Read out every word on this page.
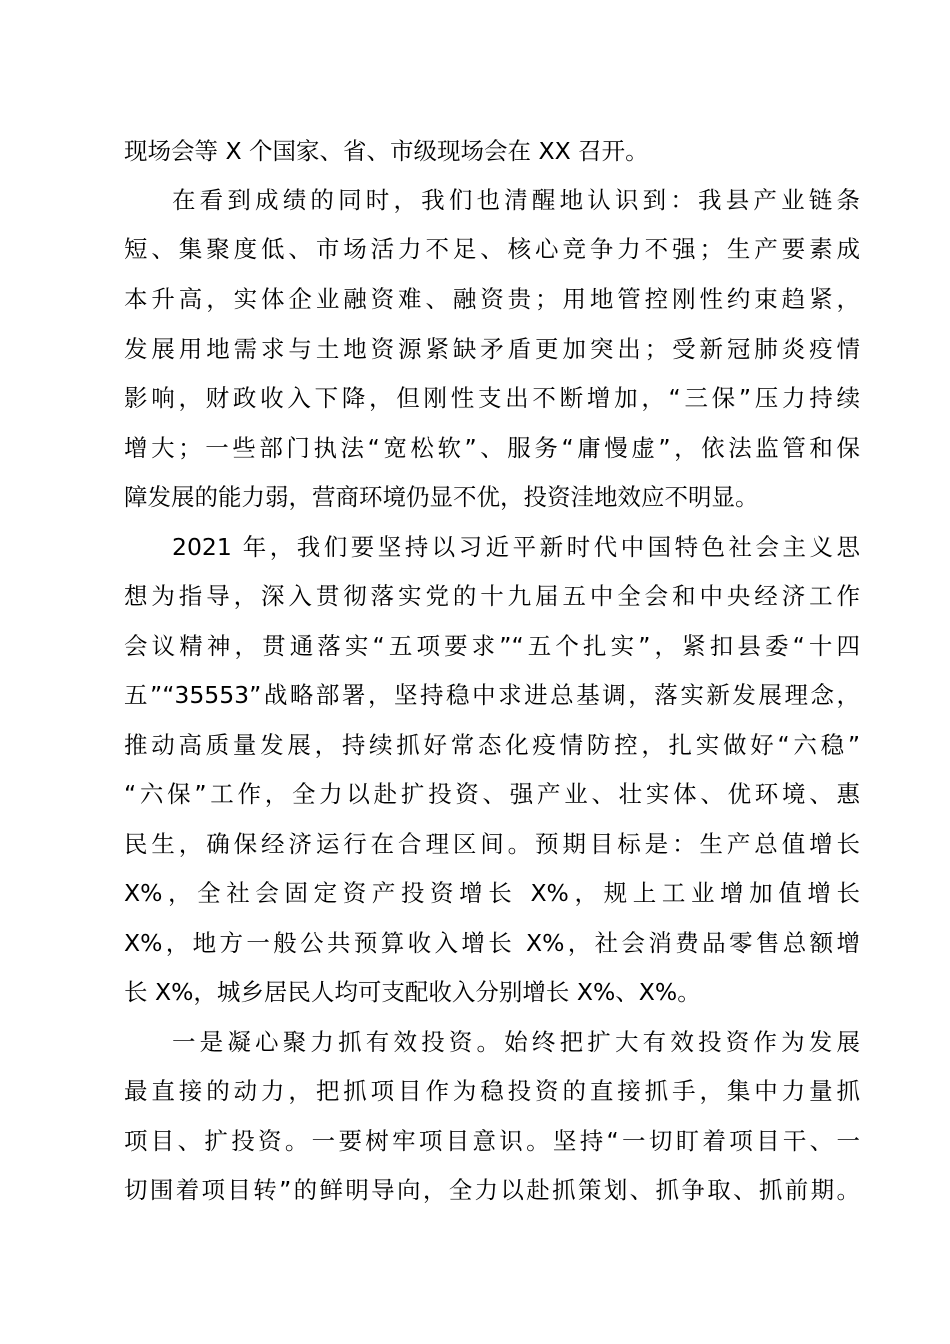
现场会等 X 个国家、省、市级现场会在 XX 召开。
在看到成绩的同时，我们也清醒地认识到：我县产业链条
短、集聚度低、市场活力不足、核心竞争力不强；生产要素成
本升高，实体企业融资难、融资贵；用地管控刚性约束趋紧，
发展用地需求与土地资源紧缺矛盾更加突出；受新冠肺炎疫情
影响，财政收入下降，但刚性支出不断增加，“三保”压力持续
增大；一些部门执法“宽松软”、服务“庸慢虚”，依法监管和保
障发展的能力弱，营商环境仍显不优，投资洼地效应不明显。
2021 年，我们要坚持以习近平新时代中国特色社会主义思
想为指导，深入贯彻落实党的十九届五中全会和中央经济工作
会议精神，贯通落实“五项要求”“五个扎实”，紧扣县委“十四
五”“35553”战略部署，坚持稳中求进总基调，落实新发展理念，
推动高质量发展，持续抓好常态化疫情防控，扎实做好“六稳”
“六保”工作，全力以赴扩投资、强产业、壮实体、优环境、惠
民生，确保经济运行在合理区间。预期目标是：生产总值增长
X%，全社会固定资产投资增长 X%，规上工业增加值增长
X%，地方一般公共预算收入增长 X%，社会消费品零售总额增
长 X%，城乡居民人均可支配收入分别增长 X%、X%。
一是凝心聚力抓有效投资。始终把扩大有效投资作为发展
最直接的动力，把抓项目作为稳投资的直接抓手，集中力量抓
项目、扩投资。一要树牢项目意识。坚持“一切盯着项目干、一
切围着项目转”的鲜明导向，全力以赴抓策划、抓争取、抓前期。
